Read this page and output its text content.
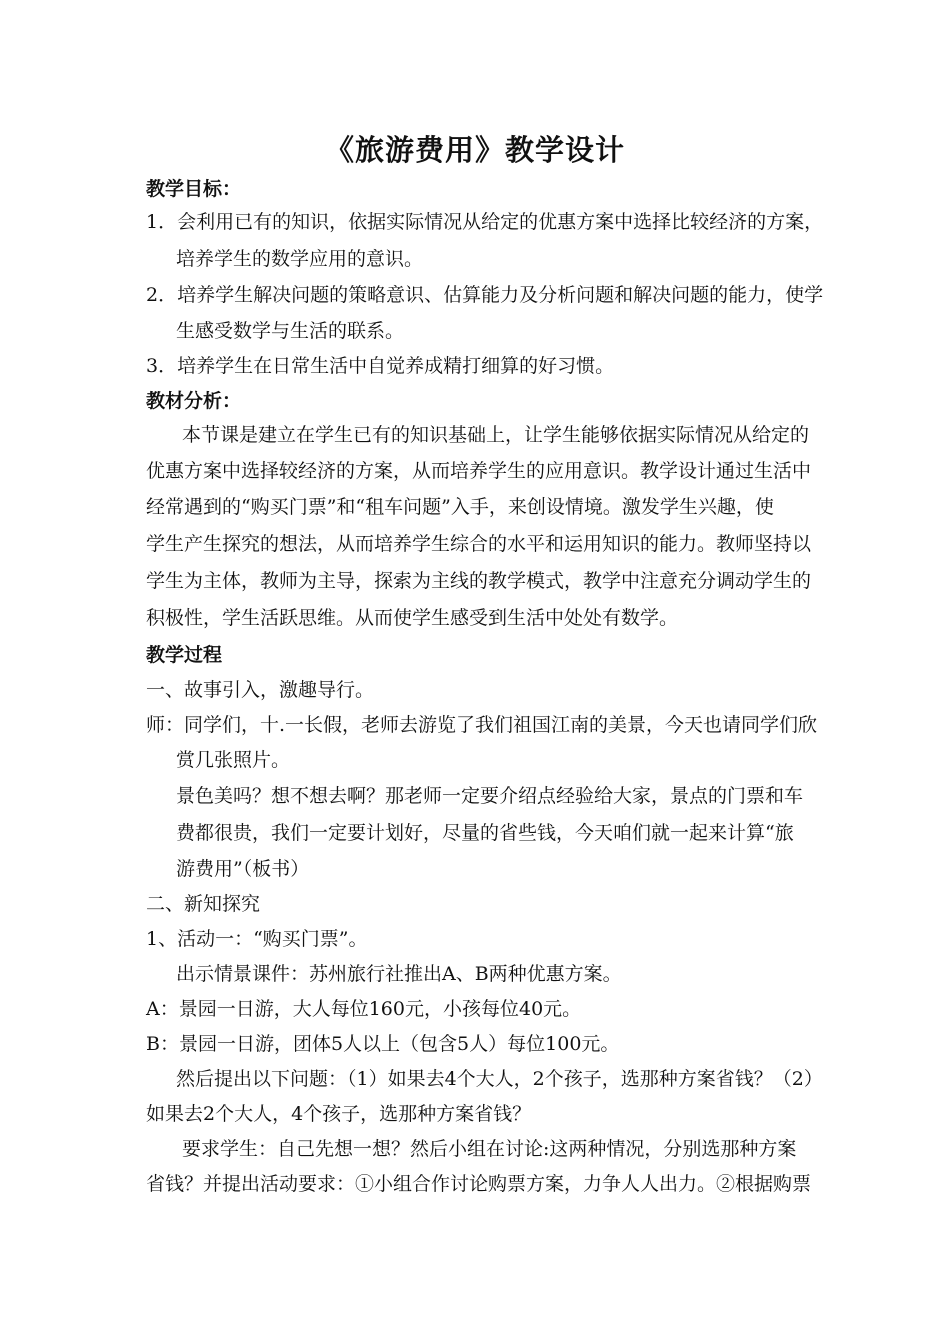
《旅游费用》教学设计
教学目标：
1．会利用已有的知识，依据实际情况从给定的优惠方案中选择比较经济的方案，
培养学生的数学应用的意识。
2．培养学生解决问题的策略意识、估算能力及分析问题和解决问题的能力，使学
生感受数学与生活的联系。
3．培养学生在日常生活中自觉养成精打细算的好习惯。
教材分析：
本节课是建立在学生已有的知识基础上，让学生能够依据实际情况从给定的
优惠方案中选择较经济的方案，从而培养学生的应用意识。教学设计通过生活中
经常遇到的“购买门票”和“租车问题”入手，来创设情境。激发学生兴趣，使
学生产生探究的想法，从而培养学生综合的水平和运用知识的能力。教师坚持以
学生为主体，教师为主导，探索为主线的教学模式，教学中注意充分调动学生的
积极性，学生活跃思维。从而使学生感受到生活中处处有数学。
教学过程
一、故事引入，激趣导行。
师：同学们，十.一长假，老师去游览了我们祖国江南的美景，今天也请同学们欣
赏几张照片。
景色美吗？想不想去啊？那老师一定要介绍点经验给大家，景点的门票和车
费都很贵，我们一定要计划好，尽量的省些钱，今天咱们就一起来计算“旅
游费用”（板书）
二、新知探究
1、活动一：“购买门票”。
出示情景课件：苏州旅行社推出A、B两种优惠方案。
A：景园一日游，大人每位160元，小孩每位40元。
B：景园一日游，团体5人以上（包含5人）每位100元。
然后提出以下问题：（1）如果去4个大人，2个孩子，选那种方案省钱？（2）
如果去2个大人，4个孩子，选那种方案省钱？
要求学生：自己先想一想？然后小组在讨论:这两种情况，分别选那种方案
省钱？并提出活动要求：①小组合作讨论购票方案，力争人人出力。②根据购票
